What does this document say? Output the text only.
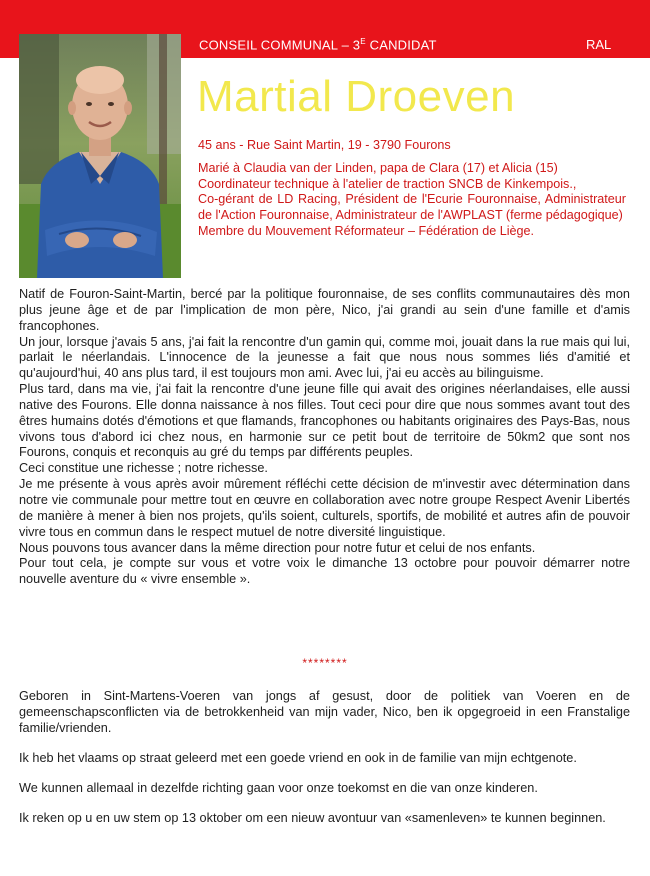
CONSEIL COMMUNAL – $3^E$ CANDIDAT	RAL
Martial Droeven
45 ans - Rue Saint Martin, 19 - 3790 Fourons
Marié à Claudia van der Linden, papa de Clara (17) et Alicia (15)
Coordinateur technique à l'atelier de traction SNCB de Kinkempois.,
Co-gérant de LD Racing, Président de l'Ecurie Fouronnaise, Administrateur de l'Action Fouronnaise, Administrateur de l'AWPLAST (ferme pédagogique)
Membre du Mouvement Réformateur – Fédération de Liège.

Natif de Fouron-Saint-Martin, bercé par la politique fouronnaise, de ses conflits communautaires dès mon plus jeune âge et de par l'implication de mon père, Nico, j'ai grandi au sein d'une famille et d'amis francophones.

Un jour, lorsque j'avais 5 ans, j'ai fait la rencontre d'un gamin qui, comme moi, jouait dans la rue mais qui lui, parlait le néerlandais. L'innocence de la jeunesse a fait que nous nous sommes liés d'amitié et qu'aujourd'hui, 40 ans plus tard, il est toujours mon ami. Avec lui, j'ai eu accès au bilinguisme.

Plus tard, dans ma vie, j'ai fait la rencontre d'une jeune fille qui avait des origines néerlandaises, elle aussi native des Fourons. Elle donna naissance à nos filles. Tout ceci pour dire que nous sommes avant tout des êtres humains dotés d'émotions et que flamands, francophones ou habitants originaires des Pays-Bas, nous vivons tous d'abord ici chez nous, en harmonie sur ce petit bout de territoire de 50km2 que sont nos Fourons, conquis et reconquis au gré du temps par différents peuples.

Ceci constitue une richesse ; notre richesse.

Je me présente à vous après avoir mûrement réfléchi cette décision de m'investir avec détermination dans notre vie communale pour mettre tout en œuvre en collaboration avec notre groupe Respect Avenir Libertés de manière à mener à bien nos projets, qu'ils soient, culturels, sportifs, de mobilité et autres afin de pouvoir vivre tous en commun dans le respect mutuel de notre diversité linguistique.

Nous pouvons tous avancer dans la même direction pour notre futur et celui de nos enfants.

Pour tout cela, je compte sur vous et votre voix le dimanche 13 octobre pour pouvoir démarrer notre nouvelle aventure du « vivre ensemble ».

********

Geboren in Sint-Martens-Voeren van jongs af gesust, door de politiek van Voeren en de gemeenschapsconflicten via de betrokkenheid van mijn vader, Nico, ben ik opgegroeid in een Franstalige familie/vrienden.

Ik heb het vlaams op straat geleerd met een goede vriend en ook in de familie van mijn echtgenote.

We kunnen allemaal in dezelfde richting gaan voor onze toekomst en die van onze kinderen.

Ik reken op u en uw stem op 13 oktober om een nieuw avontuur van «samenleven» te kunnen beginnen.
